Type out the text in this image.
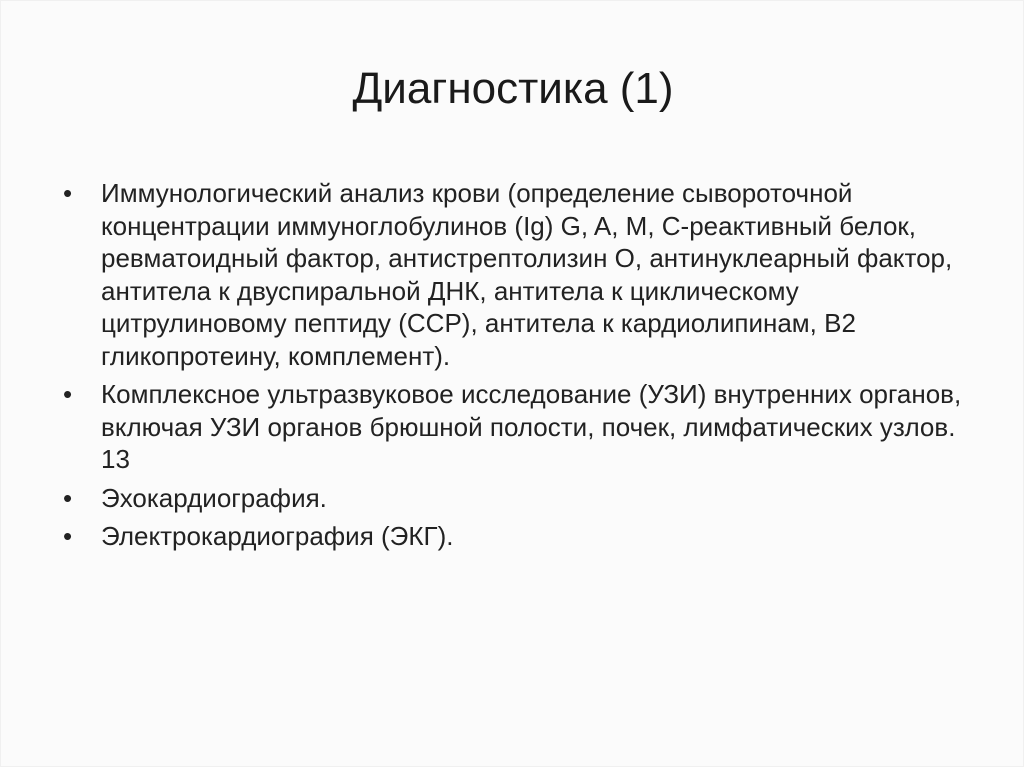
Диагностика (1)
•	Иммунологический анализ крови (определение сывороточной концентрации иммуноглобулинов (Ig) G, A, M, C-реактивный белок, ревматоидный фактор, антистрептолизин О, антинуклеарный фактор, антитела к двуспиральной ДНК, антитела к циклическому цитрулиновому пептиду (ССР), антитела к кардиолипинам, В2 гликопротеину, комплемент).
•	Комплексное ультразвуковое исследование (УЗИ) внутренних органов, включая УЗИ органов брюшной полости, почек, лимфатических узлов. 13
•	Эхокардиография.
•	Электрокардиография (ЭКГ).
